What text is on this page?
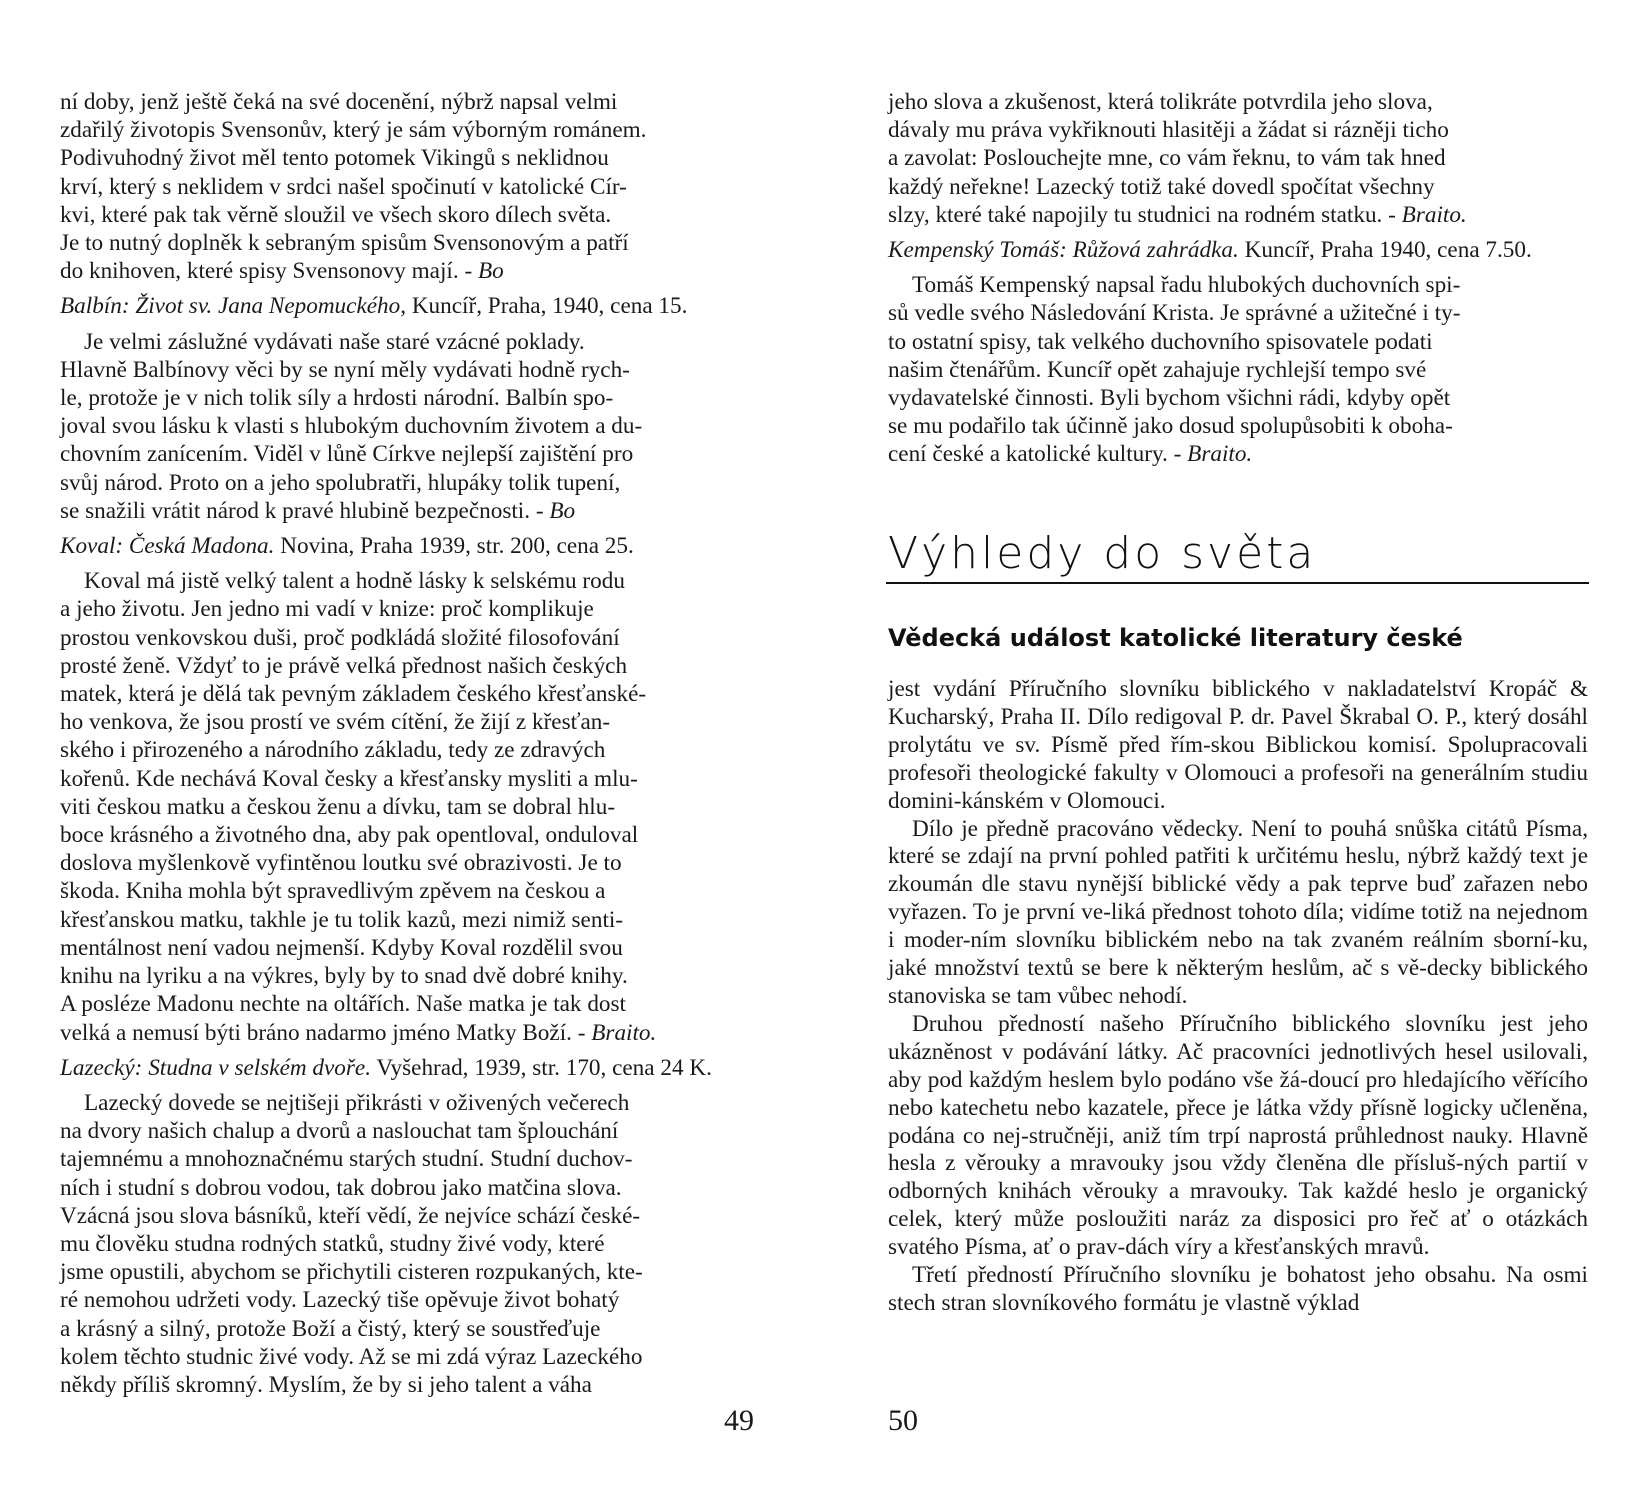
ní doby, jenž ještě čeká na své docenění, nýbrž napsal velmi
zdařilý životopis Svensonův, který je sám výborným románem.
Podivuhodný život měl tento potomek Vikingů s neklidnou
krví, který s neklidem v srdci našel spočinutí v katolické Cír-
kvi, které pak tak věrně sloužil ve všech skoro dílech světa.
Je to nutný doplněk k sebraným spisům Svensonovým a patří
do knihoven, které spisy Svensonovy mají. - Bo
Balbín: Život sv. Jana Nepomuckého, Kuncíř, Praha, 1940, cena 15.
Je velmi záslužné vydávati naše staré vzácné poklady.
Hlavně Balbínovy věci by se nyní měly vydávati hodně rych-
le, protože je v nich tolik síly a hrdosti národní. Balbín spo-
joval svou lásku k vlasti s hlubokým duchovním životem a du-
chovním zanícením. Viděl v lůně Církve nejlepší zajištění pro
svůj národ. Proto on a jeho spolubratři, hlupáky tolik tupení,
se snažili vrátit národ k pravé hlubině bezpečnosti. - Bo
Koval: Česká Madona. Novina, Praha 1939, str. 200, cena 25.
Koval má jistě velký talent a hodně lásky k selskému rodu
a jeho životu. Jen jedno mi vadí v knize: proč komplikuje
prostou venkovskou duši, proč podkládá složité filosofování
prosté ženě. Vždyť to je právě velká přednost našich českých
matek, která je dělá tak pevným základem českého křesťanské-
ho venkova, že jsou prostí ve svém cítění, že žijí z křesťan-
ského i přirozeného a národního základu, tedy ze zdravých
kořenů. Kde nechává Koval česky a křesťansky mysliti a mlu-
viti českou matku a českou ženu a dívku, tam se dobral hlu-
boce krásného a životného dna, aby pak opentloval, onduloval
doslova myšlenkově vyfintěnou loutku své obrazivosti. Je to
škoda. Kniha mohla být spravedlivým zpěvem na českou a
křesťanskou matku, takhle je tu tolik kazů, mezi nimiž senti-
mentálnost není vadou nejmenší. Kdyby Koval rozdělil svou
knihu na lyriku a na výkres, byly by to snad dvě dobré knihy.
A posléze Madonu nechte na oltářích. Naše matka je tak dost
velká a nemusí býti bráno nadarmo jméno Matky Boží. - Braito.
Lazecký: Studna v selském dvoře. Vyšehrad, 1939, str. 170, cena 24 K.
Lazecký dovede se nejtišeji přikrásti v oživených večerech
na dvory našich chalup a dvorů a naslouchat tam šplouchání
tajemnému a mnohoznačnému starých studní. Studní duchov-
ních i studní s dobrou vodou, tak dobrou jako matčina slova.
Vzácná jsou slova básníků, kteří vědí, že nejvíce schází české-
mu člověku studna rodných statků, studny živé vody, které
jsme opustili, abychom se přichytili cisteren rozpukaných, kte-
ré nemohou udržeti vody. Lazecký tiše opěvuje život bohatý
a krásný a silný, protože Boží a čistý, který se soustřeďuje
kolem těchto studnic živé vody. Až se mi zdá výraz Lazeckého
někdy příliš skromný. Myslím, že by si jeho talent a váha
49
jeho slova a zkušenost, která tolikráte potvrdila jeho slova,
dávaly mu práva vykřiknouti hlasitěji a žádat si rázněji ticho
a zavolat: Poslouchejte mne, co vám řeknu, to vám tak hned
každý neřekne! Lazecký totiž také dovedl spočítat všechny
slzy, které také napojily tu studnici na rodném statku. - Braito.
Kempenský Tomáš: Růžová zahrádka. Kuncíř, Praha 1940, cena 7.50.
Tomáš Kempenský napsal řadu hlubokých duchovních spi-
sů vedle svého Následování Krista. Je správné a užitečné i ty-
to ostatní spisy, tak velkého duchovního spisovatele podati
našim čtenářům. Kuncíř opět zahajuje rychlejší tempo své
vydavatelské činnosti. Byli bychom všichni rádi, kdyby opět
se mu podařilo tak účinně jako dosud spolupůsobiti k oboha-
cení české a katolické kultury. - Braito.
Výhledy do světa
Vědecká událost katolické literatury české
jest vydání Příručního slovníku biblického v nakladatelství Kropáč & Kucharský, Praha II. Dílo redigoval P. dr. Pavel Škrabal O. P., který dosáhl prolytátu ve sv. Písmě před řím-skou Biblickou komisí. Spolupracovali profesoři theologické fakulty v Olomouci a profesoři na generálním studiu domini-kánském v Olomouci.
Dílo je předně pracováno vědecky. Není to pouhá snůška citátů Písma, které se zdají na první pohled patřiti k určitému heslu, nýbrž každý text je zkoumán dle stavu nynější biblické vědy a pak teprve buď zařazen nebo vyřazen. To je první ve-liká přednost tohoto díla; vidíme totiž na nejednom i moder-ním slovníku biblickém nebo na tak zvaném reálním sborní-ku, jaké množství textů se bere k některým heslům, ač s vě-decky biblického stanoviska se tam vůbec nehodí.
Druhou předností našeho Příručního biblického slovníku jest jeho ukázněnost v podávání látky. Ač pracovníci jednotlivých hesel usilovali, aby pod každým heslem bylo podáno vše žá-doucí pro hledajícího věřícího nebo katechetu nebo kazatele, přece je látka vždy přísně logicky učleněna, podána co nej-stručněji, aniž tím trpí naprostá průhlednost nauky. Hlavně hesla z věrouky a mravouky jsou vždy členěna dle přísluš-ných partií v odborných knihách věrouky a mravouky. Tak každé heslo je organický celek, který může posloužiti naráz za disposici pro řeč ať o otázkách svatého Písma, ať o prav-dách víry a křesťanských mravů.
Třetí předností Příručního slovníku je bohatost jeho obsahu. Na osmi stech stran slovníkového formátu je vlastně výklad
50
